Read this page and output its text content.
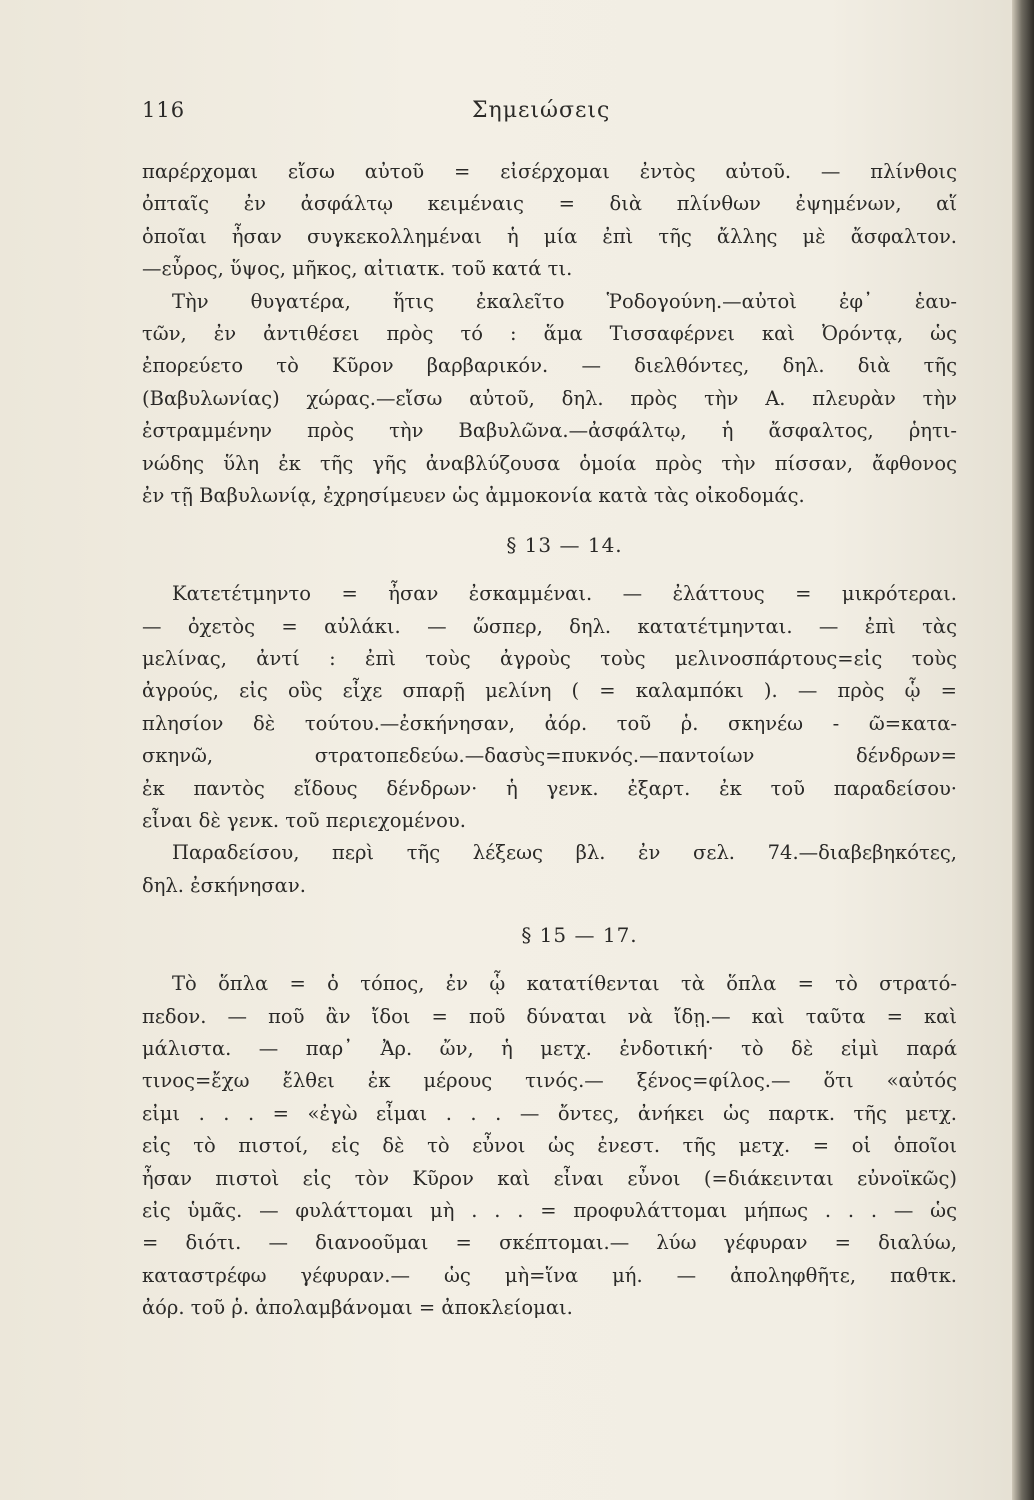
116	Σημειώσεις
παρέρχομαι εἴσω αὐτοῦ = εἰσέρχομαι ἐντὸς αὐτοῦ. — πλίνθοις
ὀπταῖς ἐν ἀσφάλτῳ κειμέναις = διὰ πλίνθων ἐψημένων, αἵ
ὁποῖαι ἦσαν συγκεκολλημέναι ἡ μία ἐπὶ τῆς ἄλλης μὲ ἄσφαλτον.
—εὖρος, ὕψος, μῆκος, αἰτιατκ. τοῦ κατά τι.
Τὴν θυγατέρα, ἥτις ἐκαλεῖτο Ῥοδογούνη.—αὐτοὶ ἐφ᾽ ἑαυ-
τῶν, ἐν ἀντιθέσει πρὸς τό : ἅμα Τισσαφέρνει καὶ Ὀρόντᾳ, ὡς
ἐπορεύετο τὸ Κῦρον βαρβαρικόν. — διελθόντες, δηλ. διὰ τῆς
(Βαβυλωνίας) χώρας.—εἴσω αὐτοῦ, δηλ. πρὸς τὴν Α. πλευρὰν τὴν
ἐστραμμένην πρὸς τὴν Βαβυλῶνα.—ἀσφάλτῳ, ἡ ἄσφαλτος, ῥητι-
νώδης ὕλη ἐκ τῆς γῆς ἀναβλύζουσα ὁμοία πρὸς τὴν πίσσαν, ἄφθονος
ἐν τῇ Βαβυλωνίᾳ, ἐχρησίμευεν ὡς ἀμμοκονία κατὰ τὰς οἰκοδομάς.
§ 13 — 14.
Κατετέτμηντο = ἦσαν ἐσκαμμέναι. — ἐλάττους = μικρότεραι.
— ὀχετὸς = αὐλάκι. — ὥσπερ, δηλ. κατατέτμηνται. — ἐπὶ τὰς
μελίνας, ἀντί : ἐπὶ τοὺς ἀγροὺς τοὺς μελινοσπάρτους=εἰς τοὺς
ἀγρούς, εἰς οὓς εἶχε σπαρῇ μελίνη ( = καλαμπόκι ). — πρὸς ᾧ =
πλησίον δὲ τούτου.—ἐσκήνησαν, ἀόρ. τοῦ ῥ. σκηνέω - ῶ=κατα-
σκηνῶ, στρατοπεδεύω.—δασὺς=πυκνός.—παντοίων δένδρων=
ἐκ παντὸς εἴδους δένδρων· ἡ γενκ. ἐξαρτ. ἐκ τοῦ παραδείσου·
εἶναι δὲ γενκ. τοῦ περιεχομένου.
Παραδείσου, περὶ τῆς λέξεως βλ. ἐν σελ. 74.—διαβεβηκότες,
δηλ. ἐσκήνησαν.
§ 15 — 17.
Τὸ ὅπλα = ὁ τόπος, ἐν ᾧ κατατίθενται τὰ ὅπλα = τὸ στρατό-
πεδον. — ποῦ ἂν ἴδοι = ποῦ δύναται νὰ ἴδῃ.— καὶ ταῦτα = καὶ
μάλιστα. — παρ᾽ Ἀρ. ὤν, ἡ μετχ. ἐνδοτική· τὸ δὲ εἰμὶ παρά
τινος=ἔχω ἔλθει ἐκ μέρους τινός.— ξένος=φίλος.— ὅτι «αὐτός
εἰμι . . . = «ἐγὼ εἶμαι . . . — ὄντες, ἀνήκει ὡς παρτκ. τῆς μετχ.
εἰς τὸ πιστοί, εἰς δὲ τὸ εὖνοι ὡς ἐνεστ. τῆς μετχ. = οἱ ὁποῖοι
ἦσαν πιστοὶ εἰς τὸν Κῦρον καὶ εἶναι εὖνοι (=διάκεινται εὐνοϊκῶς)
εἰς ὑμᾶς. — φυλάττομαι μὴ . . . = προφυλάττομαι μήπως . . . — ὡς
= διότι. — διανοοῦμαι = σκέπτομαι.— λύω γέφυραν = διαλύω,
καταστρέφω γέφυραν.— ὡς μὴ=ἵνα μή. — ἀποληφθῆτε, παθτκ.
ἀόρ. τοῦ ῥ. ἀπολαμβάνομαι = ἀποκλείομαι.
